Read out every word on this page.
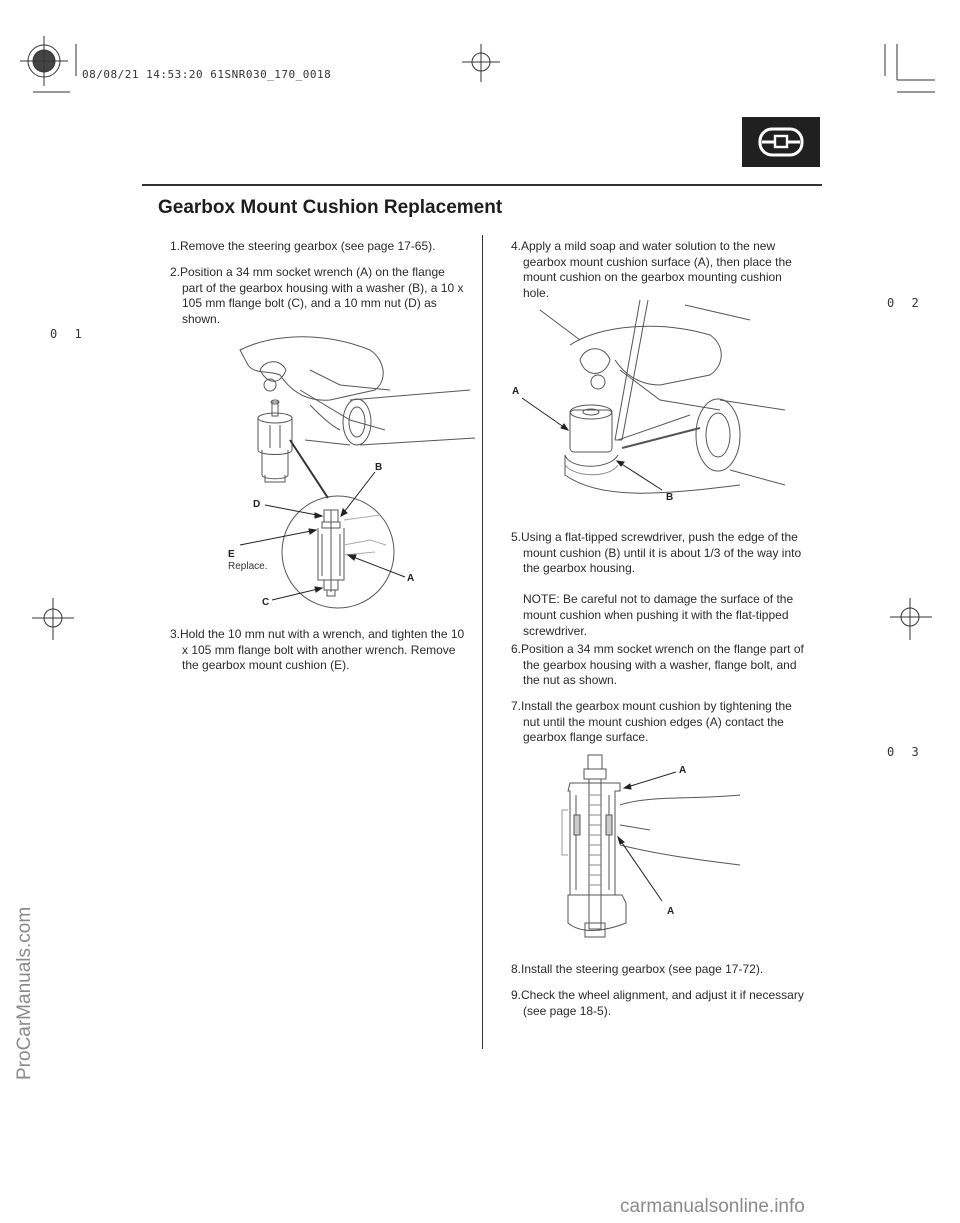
08/08/21 14:53:20 61SNR030_170_0018
0 1
0 2
0 3
ProCarManuals.com
carmanualsonline.info
Gearbox Mount Cushion Replacement
1. Remove the steering gearbox (see page 17-65).
2. Position a 34 mm socket wrench (A) on the flange part of the gearbox housing with a washer (B), a 10 x 105 mm flange bolt (C), and a 10 mm nut (D) as shown.
B
D
E
Replace.
A
C
3. Hold the 10 mm nut with a wrench, and tighten the 10 x 105 mm flange bolt with another wrench. Remove the gearbox mount cushion (E).
4. Apply a mild soap and water solution to the new gearbox mount cushion surface (A), then place the mount cushion on the gearbox mounting cushion hole.
A
B
5. Using a flat-tipped screwdriver, push the edge of the mount cushion (B) until it is about 1/3 of the way into the gearbox housing.
NOTE: Be careful not to damage the surface of the mount cushion when pushing it with the flat-tipped screwdriver.
6. Position a 34 mm socket wrench on the flange part of the gearbox housing with a washer, flange bolt, and the nut as shown.
7. Install the gearbox mount cushion by tightening the nut until the mount cushion edges (A) contact the gearbox flange surface.
A
A
8. Install the steering gearbox (see page 17-72).
9. Check the wheel alignment, and adjust it if necessary (see page 18-5).
